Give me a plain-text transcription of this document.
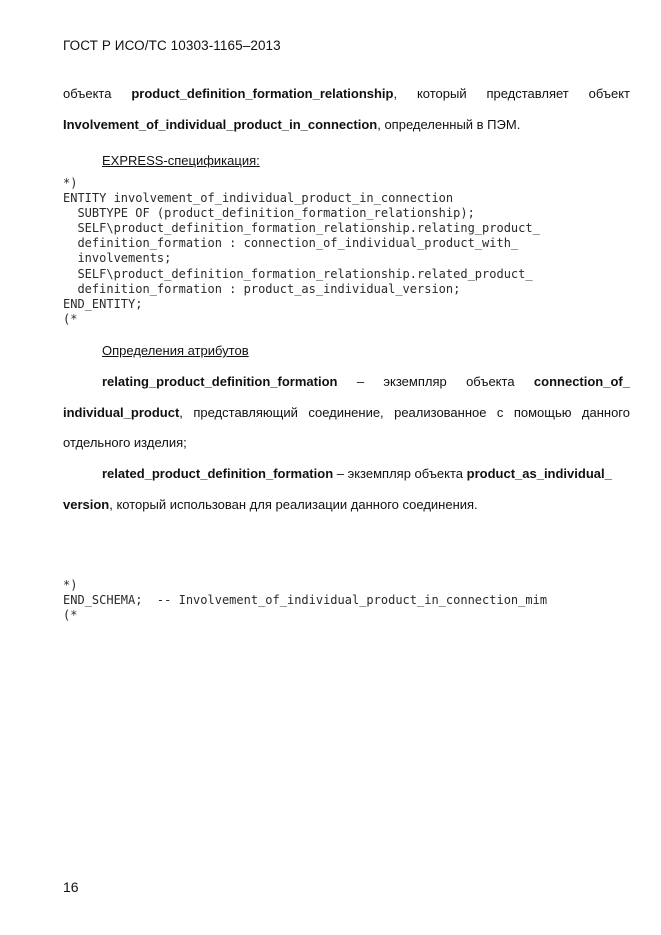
ГОСТ Р ИСО/ТС 10303-1165–2013
объекта product_definition_formation_relationship, который представляет объект
Involvement_of_individual_product_in_connection, определенный в ПЭМ.
EXPRESS-спецификация:
*)
ENTITY involvement_of_individual_product_in_connection
SUBTYPE OF (product_definition_formation_relationship);
SELF\product_definition_formation_relationship.relating_product_
definition_formation : connection_of_individual_product_with_
involvements;
SELF\product_definition_formation_relationship.related_product_
definition_formation : product_as_individual_version;
END_ENTITY;
(*
Определения атрибутов
relating_product_definition_formation – экземпляр объекта connection_of_
individual_product, представляющий соединение, реализованное с помощью данного
отдельного изделия;
related_product_definition_formation – экземпляр объекта product_as_individual_
version, который использован для реализации данного соединения.
*)
END_SCHEMA;  -- Involvement_of_individual_product_in_connection_mim
(*
16
